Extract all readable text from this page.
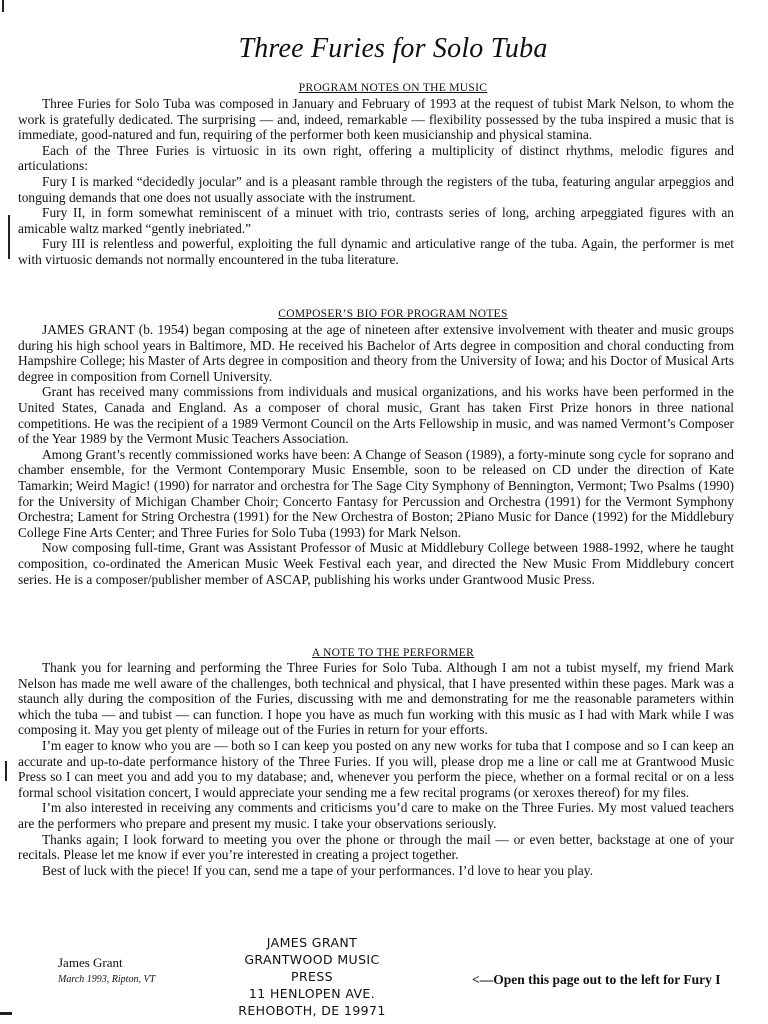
Three Furies for Solo Tuba
PROGRAM NOTES ON THE MUSIC

Three Furies for Solo Tuba was composed in January and February of 1993 at the request of tubist Mark Nelson, to whom the work is gratefully dedicated. The surprising — and, indeed, remarkable — flexibility possessed by the tuba inspired a music that is immediate, good-natured and fun, requiring of the performer both keen musicianship and physical stamina.

Each of the Three Furies is virtuosic in its own right, offering a multiplicity of distinct rhythms, melodic figures and articulations:

Fury I is marked “decidedly jocular” and is a pleasant ramble through the registers of the tuba, featuring angular arpeggios and tonguing demands that one does not usually associate with the instrument.

Fury II, in form somewhat reminiscent of a minuet with trio, contrasts series of long, arching arpeggiated figures with an amicable waltz marked “gently inebriated.”

Fury III is relentless and powerful, exploiting the full dynamic and articulative range of the tuba. Again, the performer is met with virtuosic demands not normally encountered in the tuba literature.

COMPOSER’S BIO FOR PROGRAM NOTES

JAMES GRANT (b. 1954) began composing at the age of nineteen after extensive involvement with theater and music groups during his high school years in Baltimore, MD. He received his Bachelor of Arts degree in composition and choral conducting from Hampshire College; his Master of Arts degree in composition and theory from the University of Iowa; and his Doctor of Musical Arts degree in composition from Cornell University.

Grant has received many commissions from individuals and musical organizations, and his works have been performed in the United States, Canada and England. As a composer of choral music, Grant has taken First Prize honors in three national competitions. He was the recipient of a 1989 Vermont Council on the Arts Fellowship in music, and was named Vermont’s Composer of the Year 1989 by the Vermont Music Teachers Association.

Among Grant’s recently commissioned works have been: A Change of Season (1989), a forty-minute song cycle for soprano and chamber ensemble, for the Vermont Contemporary Music Ensemble, soon to be released on CD under the direction of Kate Tamarkin; Weird Magic! (1990) for narrator and orchestra for The Sage City Symphony of Bennington, Vermont; Two Psalms (1990) for the University of Michigan Chamber Choir; Concerto Fantasy for Percussion and Orchestra (1991) for the Vermont Symphony Orchestra; Lament for String Orchestra (1991) for the New Orchestra of Boston; 2Piano Music for Dance (1992) for the Middlebury College Fine Arts Center; and Three Furies for Solo Tuba (1993) for Mark Nelson.

Now composing full-time, Grant was Assistant Professor of Music at Middlebury College between 1988-1992, where he taught composition, co-ordinated the American Music Week Festival each year, and directed the New Music From Middlebury concert series. He is a composer/publisher member of ASCAP, publishing his works under Grantwood Music Press.

A NOTE TO THE PERFORMER

Thank you for learning and performing the Three Furies for Solo Tuba. Although I am not a tubist myself, my friend Mark Nelson has made me well aware of the challenges, both technical and physical, that I have presented within these pages. Mark was a staunch ally during the composition of the Furies, discussing with me and demonstrating for me the reasonable parameters within which the tuba — and tubist — can function. I hope you have as much fun working with this music as I had with Mark while I was composing it. May you get plenty of mileage out of the Furies in return for your efforts.

I’m eager to know who you are — both so I can keep you posted on any new works for tuba that I compose and so I can keep an accurate and up-to-date performance history of the Three Furies. If you will, please drop me a line or call me at Grantwood Music Press so I can meet you and add you to my database; and, whenever you perform the piece, whether on a formal recital or on a less formal school visitation concert, I would appreciate your sending me a few recital programs (or xeroxes thereof) for my files.

I’m also interested in receiving any comments and criticisms you’d care to make on the Three Furies. My most valued teachers are the performers who prepare and present my music. I take your observations seriously.

Thanks again; I look forward to meeting you over the phone or through the mail — or even better, backstage at one of your recitals. Please let me know if ever you’re interested in creating a project together.

Best of luck with the piece! If you can, send me a tape of your performances. I’d love to hear you play.

James Grant
March 1993, Ripton, VT
JAMES GRANT
GRANTWOOD MUSIC PRESS
11 HENLOPEN AVE.
REHOBOTH, DE 19971
<—Open this page out to the left for Fury I
